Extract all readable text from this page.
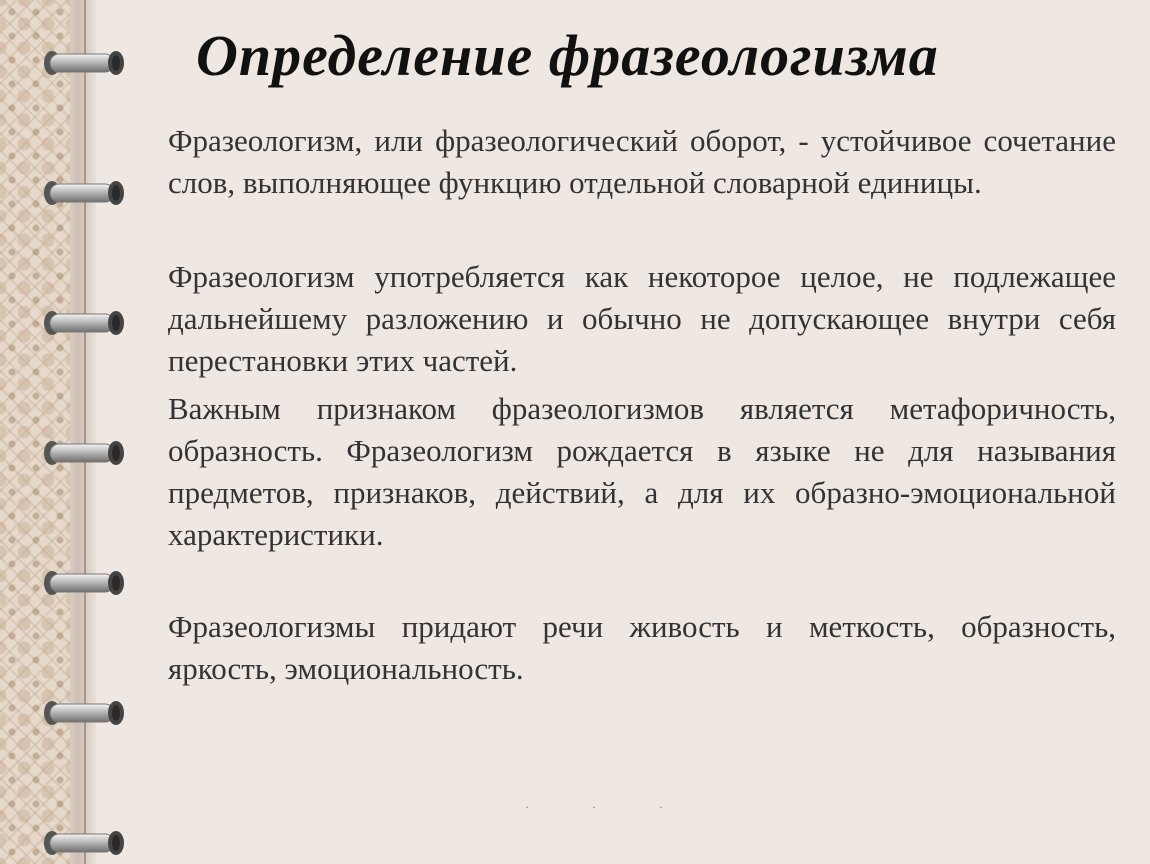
Определение фразеологизма

Фразеологизм, или фразеологический оборот, - устойчивое сочетание слов, выполняющее функцию отдельной словарной единицы.

Фразеологизм употребляется как некоторое целое, не подлежащее дальнейшему разложению и обычно не допускающее внутри себя перестановки этих частей.

Важным признаком фразеологизмов является метафоричность, образность. Фразеологизм рождается в языке не для называния предметов, признаков, действий, а для их образно-эмоциональной характеристики.

Фразеологизмы придают речи живость и меткость, образность, яркость, эмоциональность.

· · ·
